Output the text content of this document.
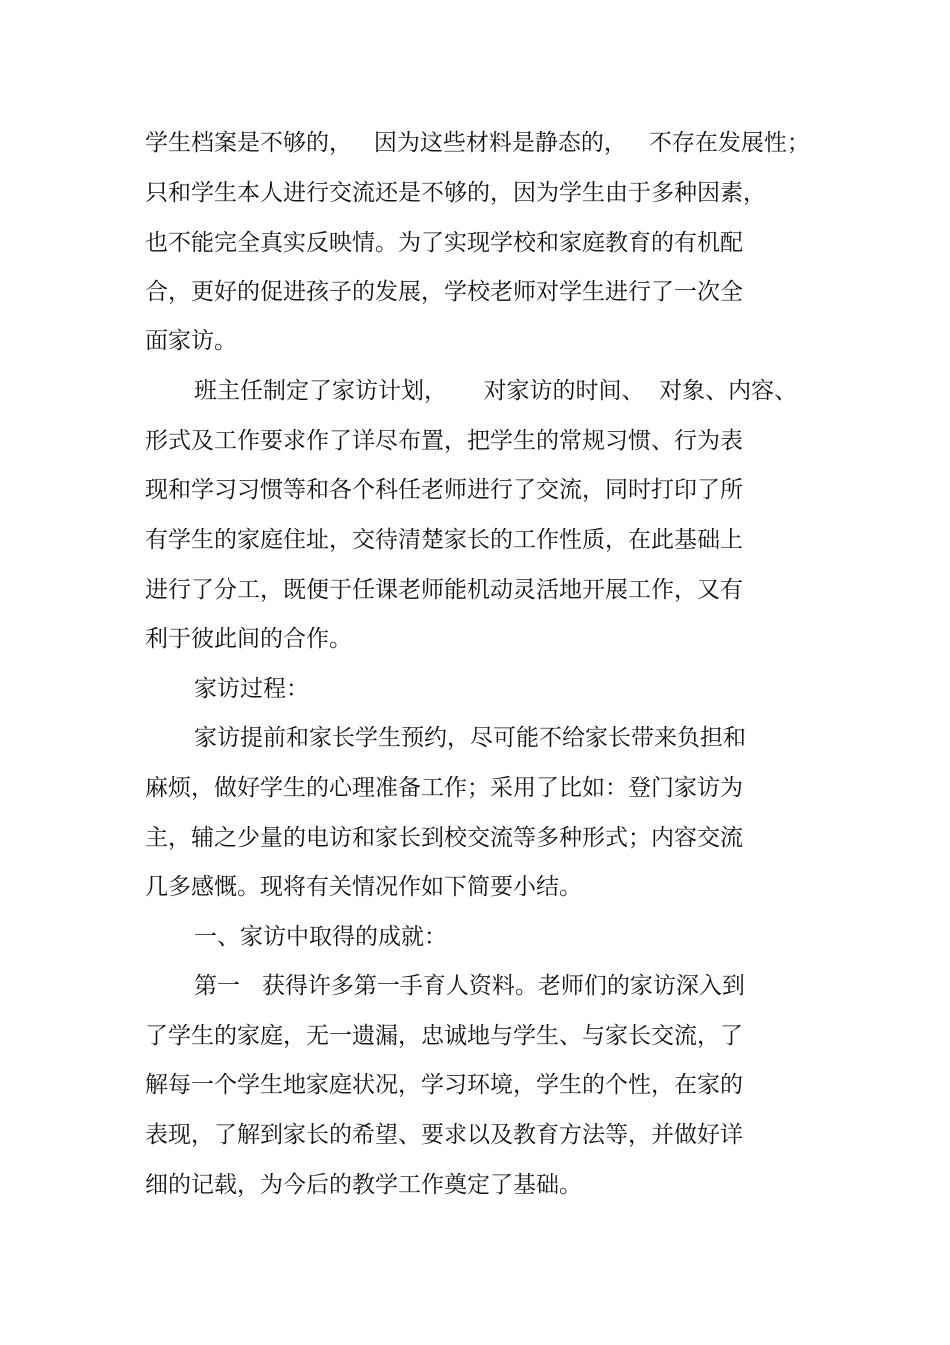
学生档案是不够的，   因为这些材料是静态的，   不存在发展性；
只和学生本人进行交流还是不够的，因为学生由于多种因素，
也不能完全真实反映情。为了实现学校和家庭教育的有机配
合，更好的促进孩子的发展，学校老师对学生进行了一次全
面家访。
班主任制定了家访计划，     对家访的时间、  对象、内容、
形式及工作要求作了详尽布置，把学生的常规习惯、行为表
现和学习习惯等和各个科任老师进行了交流，同时打印了所
有学生的家庭住址，交待清楚家长的工作性质，在此基础上
进行了分工，既便于任课老师能机动灵活地开展工作，又有
利于彼此间的合作。
家访过程：
家访提前和家长学生预约，尽可能不给家长带来负担和
麻烦，做好学生的心理准备工作；采用了比如：登门家访为
主，辅之少量的电访和家长到校交流等多种形式；内容交流
几多感慨。现将有关情况作如下简要小结。
一、家访中取得的成就：
第一   获得许多第一手育人资料。老师们的家访深入到
了学生的家庭，无一遗漏，忠诚地与学生、与家长交流，了
解每一个学生地家庭状况，学习环境，学生的个性，在家的
表现，了解到家长的希望、要求以及教育方法等，并做好详
细的记载，为今后的教学工作奠定了基础。
